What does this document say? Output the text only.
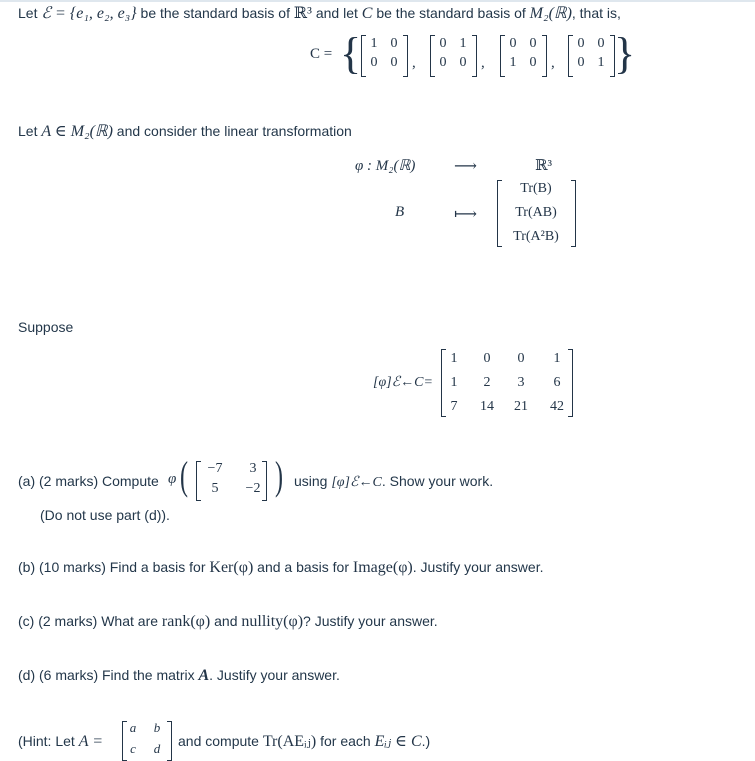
Let ℰ = {e₁, e₂, e₃} be the standard basis of ℝ³ and let C be the standard basis of M₂(ℝ), that is,
C = {	}
1 0
0 0 ,
0 1
0 0 ,
0 0
1 0 ,
0 0
0 1
Let A ∈ M₂(ℝ) and consider the linear transformation
φ : M₂(ℝ) ⟶	ℝ³
B	⟼
Tr(B)
Tr(AB)
Tr(A²B)
Suppose
[φ]ℰ←C=
1	0	0	1
1	2	3	6
7	14	21	42
(a) (2 marks) Compute φ ( )
−7	3
5	−2	using [φ]ℰ←C. Show your work.
(Do not use part (d)).
(b) (10 marks) Find a basis for Ker(φ) and a basis for Image(φ). Justify your answer.
(c) (2 marks) What are rank(φ) and nullity(φ)? Justify your answer.
(d) (6 marks) Find the matrix A. Justify your answer.
(Hint: Let A =
a	b
c	d	and compute Tr(AEᵢⱼ) for each Eᵢⱼ ∈ C.)
